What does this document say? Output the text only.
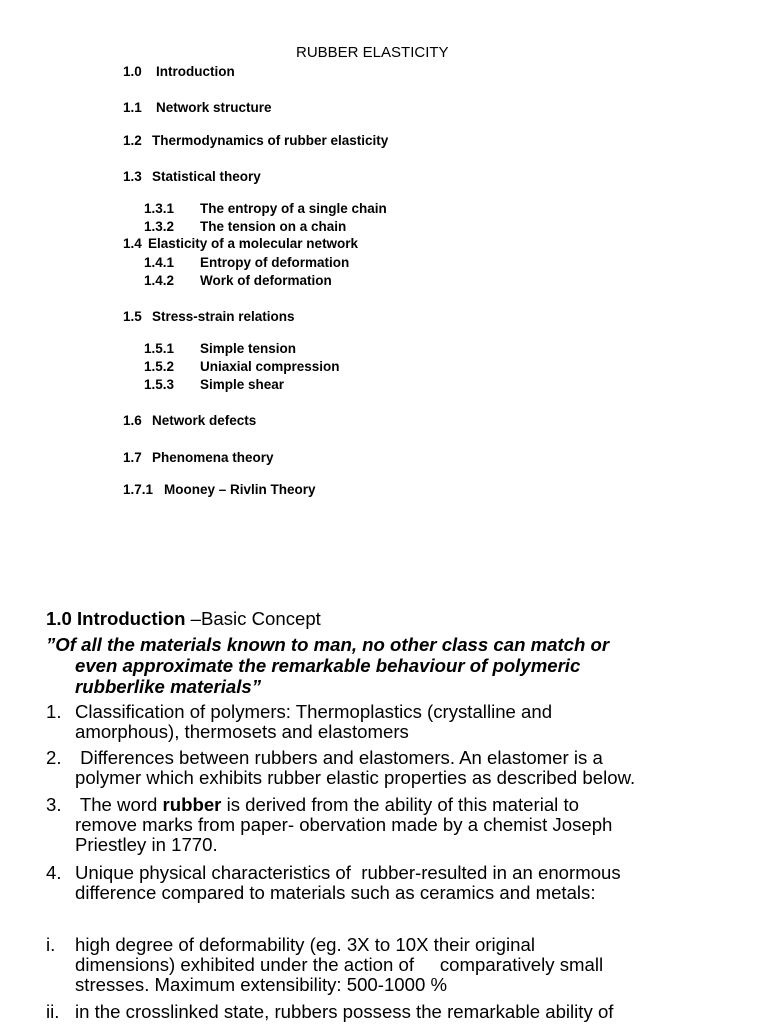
RUBBER ELASTICITY
1.0 Introduction
1.1 Network structure
1.2 Thermodynamics of rubber elasticity
1.3 Statistical theory
1.3.1 The entropy of a single chain
1.3.2 The tension on a chain
1.4 Elasticity of a molecular network
1.4.1 Entropy of deformation
1.4.2 Work of deformation
1.5 Stress-strain relations
1.5.1 Simple tension
1.5.2 Uniaxial compression
1.5.3 Simple shear
1.6 Network defects
1.7 Phenomena theory
1.7.1 Mooney – Rivlin Theory
1.0 Introduction –Basic Concept
”Of all the materials known to man, no other class can match or
even approximate the remarkable behaviour of polymeric
rubberlike materials”
1. Classification of polymers: Thermoplastics (crystalline and
amorphous), thermosets and elastomers
2. Differences between rubbers and elastomers. An elastomer is a
polymer which exhibits rubber elastic properties as described below.
3. The word rubber is derived from the ability of this material to
remove marks from paper- obervation made by a chemist Joseph
Priestley in 1770.
4. Unique physical characteristics of  rubber-resulted in an enormous
difference compared to materials such as ceramics and metals:
i. high degree of deformability (eg. 3X to 10X their original
dimensions) exhibited under the action of     comparatively small
stresses. Maximum extensibility: 500-1000 %
ii. in the crosslinked state, rubbers possess the remarkable ability of
